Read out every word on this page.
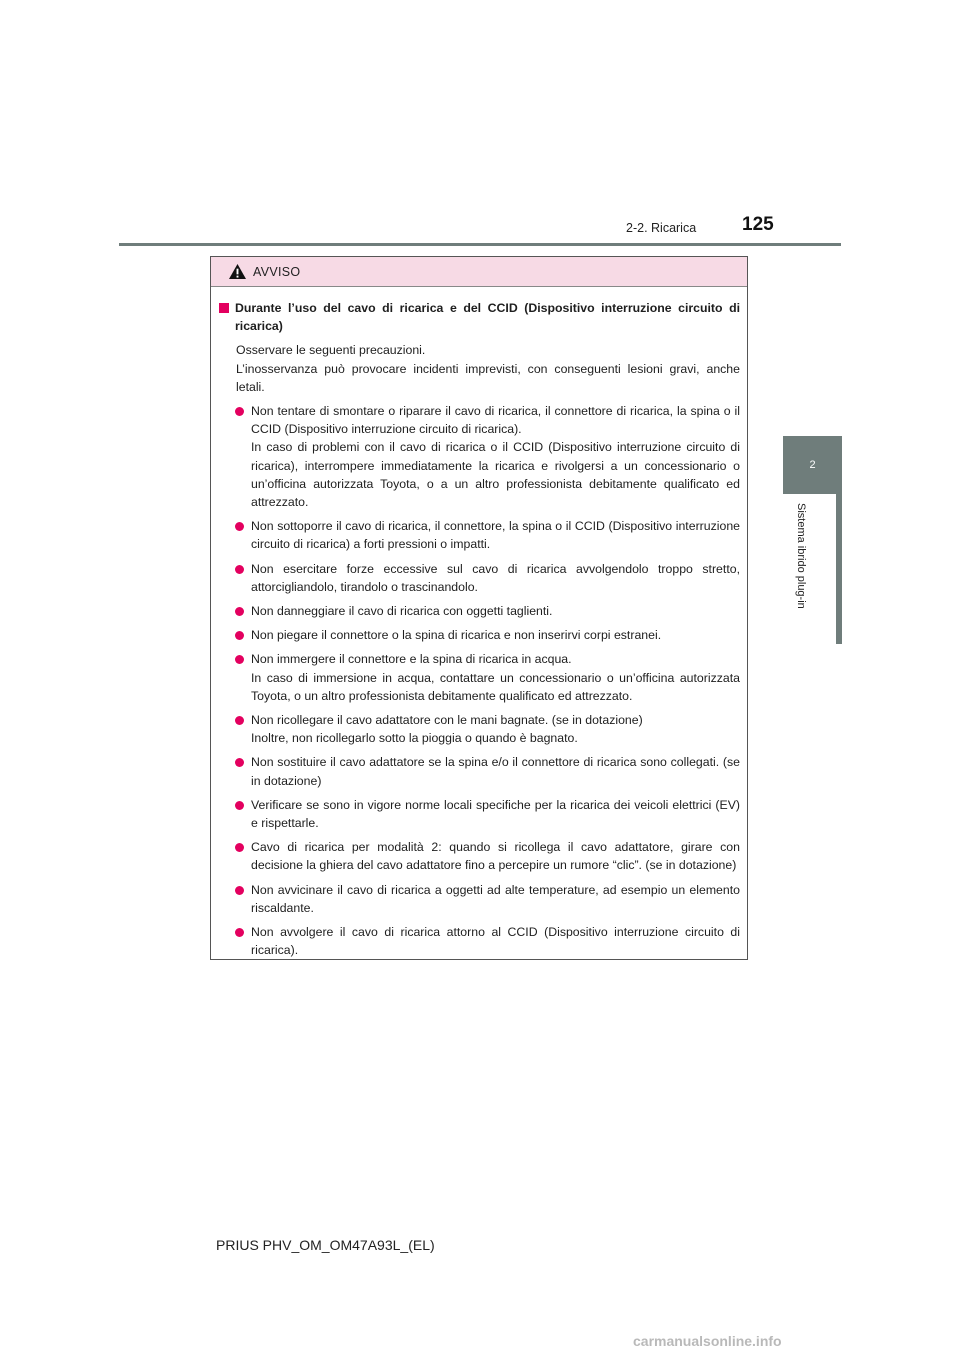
2-2. Ricarica 125
2
Sistema ibrido plug-in
AVVISO
Durante l’uso del cavo di ricarica e del CCID (Dispositivo interruzione circuito di ricarica)
Osservare le seguenti precauzioni.
L’inosservanza può provocare incidenti imprevisti, con conseguenti lesioni gravi, anche letali.

Non tentare di smontare o riparare il cavo di ricarica, il connettore di ricarica, la spina o il CCID (Dispositivo interruzione circuito di ricarica).

In caso di problemi con il cavo di ricarica o il CCID (Dispositivo interruzione circuito di ricarica), interrompere immediatamente la ricarica e rivolgersi a un concessionario o un’officina autorizzata Toyota, o a un altro professionista debitamente qualificato ed attrezzato.

Non sottoporre il cavo di ricarica, il connettore, la spina o il CCID (Dispositivo interruzione circuito di ricarica) a forti pressioni o impatti.

Non esercitare forze eccessive sul cavo di ricarica avvolgendolo troppo stretto, attorcigliandolo, tirandolo o trascinandolo.

Non danneggiare il cavo di ricarica con oggetti taglienti.

Non piegare il connettore o la spina di ricarica e non inserirvi corpi estranei.

Non immergere il connettore e la spina di ricarica in acqua.

In caso di immersione in acqua, contattare un concessionario o un’officina autorizzata Toyota, o un altro professionista debitamente qualificato ed attrezzato.

Non ricollegare il cavo adattatore con le mani bagnate. (se in dotazione)

Inoltre, non ricollegarlo sotto la pioggia o quando è bagnato.

Non sostituire il cavo adattatore se la spina e/o il connettore di ricarica sono collegati. (se in dotazione)

Verificare se sono in vigore norme locali specifiche per la ricarica dei veicoli elettrici (EV) e rispettarle.

Cavo di ricarica per modalità 2: quando si ricollega il cavo adattatore, girare con decisione la ghiera del cavo adattatore fino a percepire un rumore “clic”. (se in dotazione)

Non avvicinare il cavo di ricarica a oggetti ad alte temperature, ad esempio un elemento riscaldante.

Non avvolgere il cavo di ricarica attorno al CCID (Dispositivo interruzione circuito di ricarica).

PRIUS PHV_OM_OM47A93L_(EL)
carmanualsonline.info
